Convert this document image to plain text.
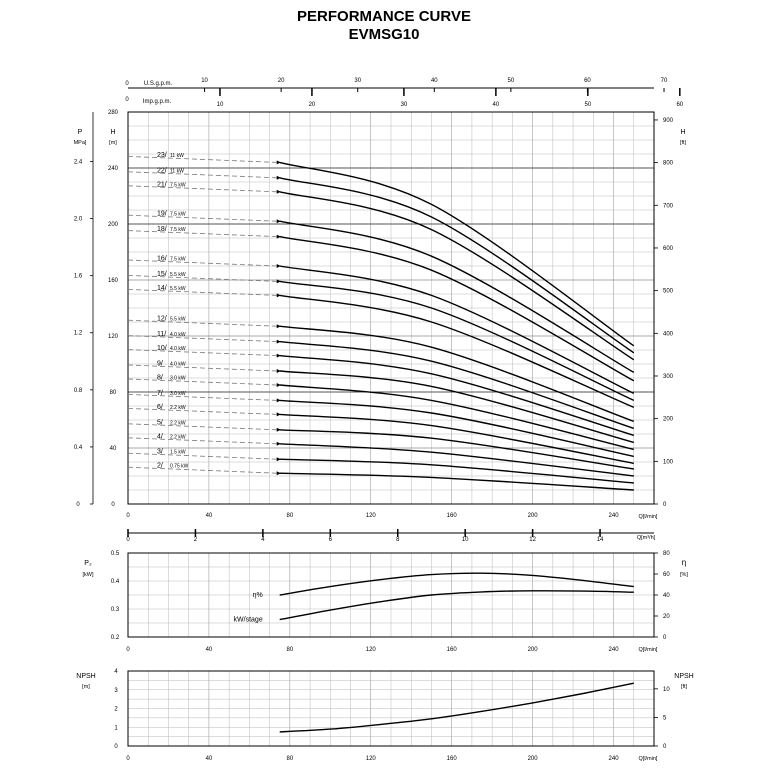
PERFORMANCE CURVE
EVMSG10
0	U.S.g.p.m.
0 Imp.g.p.m.
10	20	30	40	50	60	70
10	20	30	40	50	60
P
MPa]
0
0.4
0.8
1.2
1.6
2.0
2.4
H
[m]
0
40
80
120
160
200
240
280
H
[ft]
0
100
200
300
400
500
600
700
800
900
23/ 11 kW
22/ 11 kW
21/ 7.5 kW
19/ 7.5 kW
18/ 7.5 kW
16/ 7.5 kW
15/ 5.5 kW
14/ 5.5 kW
12/ 5.5 kW
11/ 4.0 kW
10/ 4.0 kW
9/ 4.0 kW
8/ 3.0 kW
7/ 3.0 kW
6/ 2.2 kW
5/ 2.2 kW
4/ 2.2 kW
3/ 1.5 kW
2/ 0.75 kW
Q[l/min]
0	40	80	120	160	200	240
0	2	4	6	8	10	12	14	Q[m³/h]
P₂
[kW]
0.2
0.3
0.4
0.5
η
[%]
0
20
40
60
80
η%
kW/stage
0	40	80	120	160	200	240	Q[l/min]
NPSH
[m]
0
1
2
3
4
NPSH
[ft]
0
5
10
0	40	80	120	160	200	240	Q[l/min]
